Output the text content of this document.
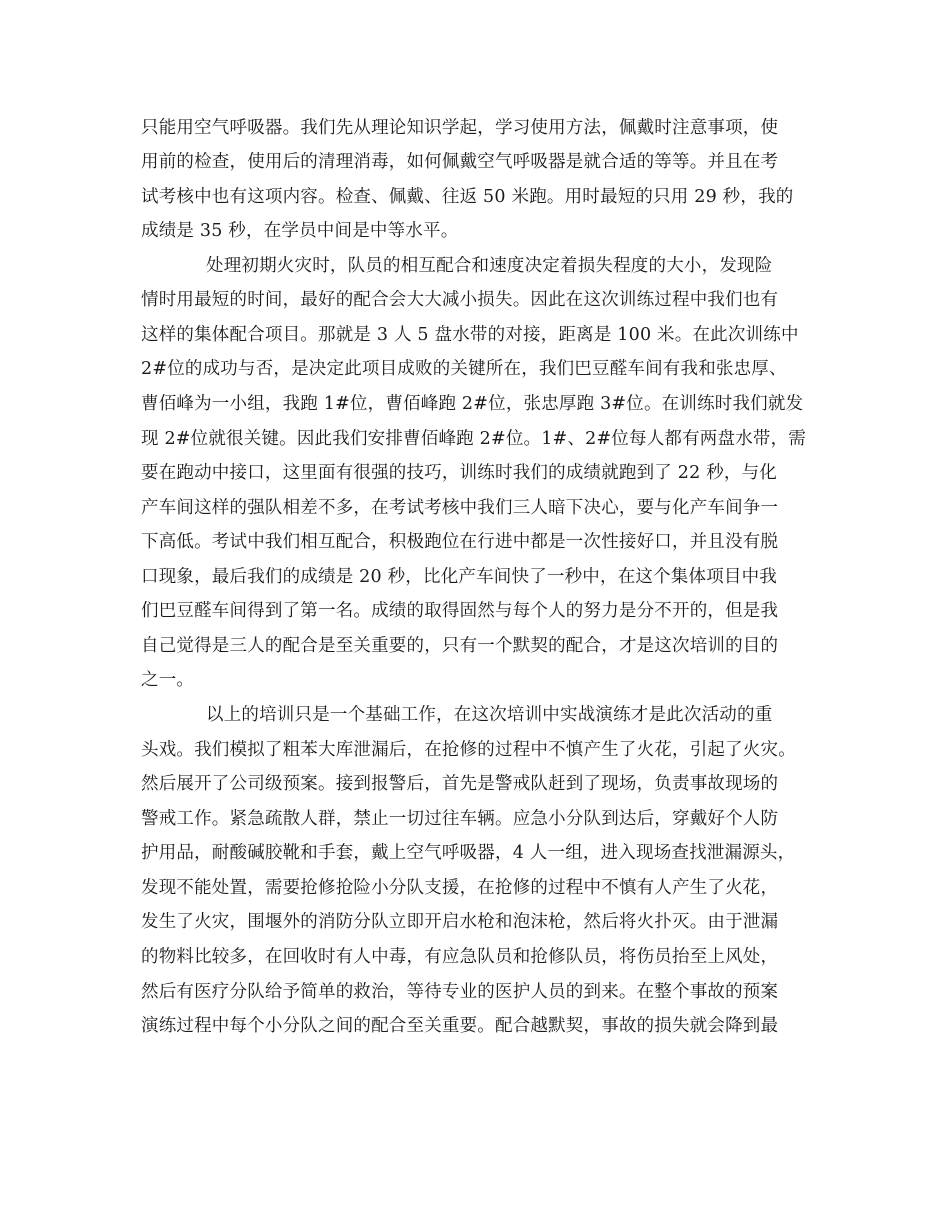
只能用空气呼吸器。我们先从理论知识学起，学习使用方法，佩戴时注意事项，使
用前的检查，使用后的清理消毒，如何佩戴空气呼吸器是就合适的等等。并且在考
试考核中也有这项内容。检查、佩戴、往返 50 米跑。用时最短的只用 29 秒，我的
成绩是 35 秒，在学员中间是中等水平。
处理初期火灾时，队员的相互配合和速度决定着损失程度的大小，发现险
情时用最短的时间，最好的配合会大大减小损失。因此在这次训练过程中我们也有
这样的集体配合项目。那就是 3 人 5 盘水带的对接，距离是 100 米。在此次训练中
2#位的成功与否，是决定此项目成败的关键所在，我们巴豆醛车间有我和张忠厚、
曹佰峰为一小组，我跑 1#位，曹佰峰跑 2#位，张忠厚跑 3#位。在训练时我们就发
现 2#位就很关键。因此我们安排曹佰峰跑 2#位。1#、2#位每人都有两盘水带，需
要在跑动中接口，这里面有很强的技巧，训练时我们的成绩就跑到了 22 秒，与化
产车间这样的强队相差不多，在考试考核中我们三人暗下决心，要与化产车间争一
下高低。考试中我们相互配合，积极跑位在行进中都是一次性接好口，并且没有脱
口现象，最后我们的成绩是 20 秒，比化产车间快了一秒中，在这个集体项目中我
们巴豆醛车间得到了第一名。成绩的取得固然与每个人的努力是分不开的，但是我
自己觉得是三人的配合是至关重要的，只有一个默契的配合，才是这次培训的目的
之一。
以上的培训只是一个基础工作，在这次培训中实战演练才是此次活动的重
头戏。我们模拟了粗苯大库泄漏后，在抢修的过程中不慎产生了火花，引起了火灾。
然后展开了公司级预案。接到报警后，首先是警戒队赶到了现场，负责事故现场的
警戒工作。紧急疏散人群，禁止一切过往车辆。应急小分队到达后，穿戴好个人防
护用品，耐酸碱胶靴和手套，戴上空气呼吸器，4 人一组，进入现场查找泄漏源头，
发现不能处置，需要抢修抢险小分队支援，在抢修的过程中不慎有人产生了火花，
发生了火灾，围堰外的消防分队立即开启水枪和泡沫枪，然后将火扑灭。由于泄漏
的物料比较多，在回收时有人中毒，有应急队员和抢修队员，将伤员抬至上风处，
然后有医疗分队给予简单的救治，等待专业的医护人员的到来。在整个事故的预案
演练过程中每个小分队之间的配合至关重要。配合越默契，事故的损失就会降到最
